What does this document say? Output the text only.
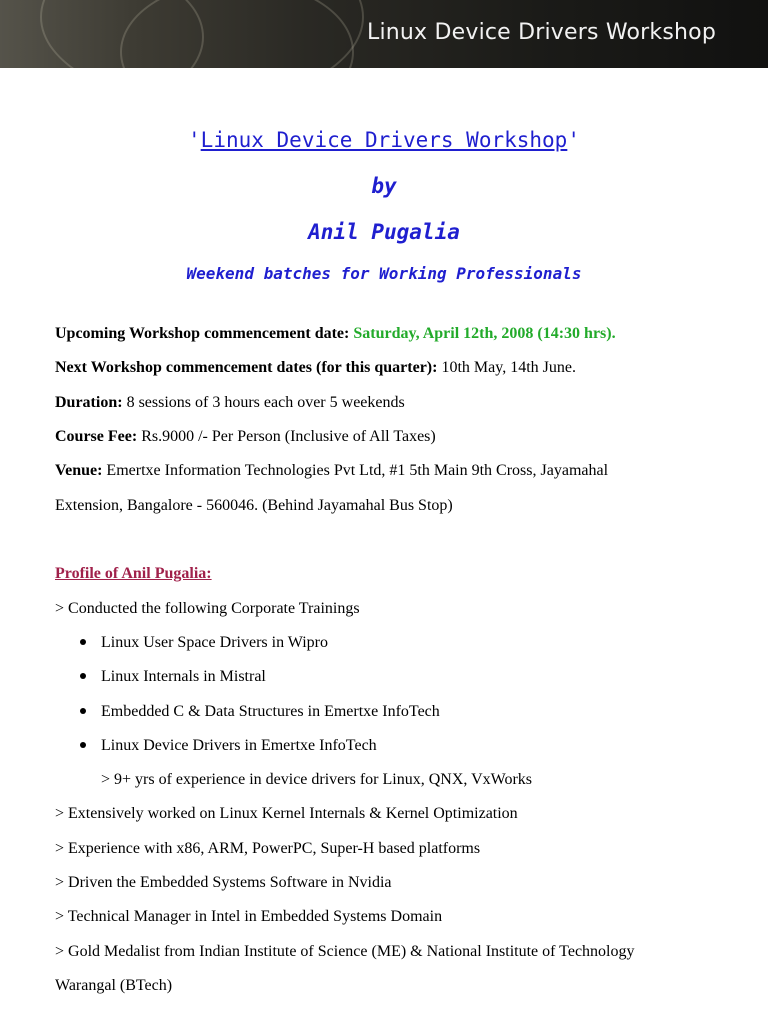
Linux Device Drivers Workshop
'Linux Device Drivers Workshop'
by
Anil Pugalia
Weekend batches for Working Professionals
Upcoming Workshop commencement date: Saturday, April 12th, 2008 (14:30 hrs).
Next Workshop commencement dates (for this quarter): 10th May, 14th June.
Duration: 8 sessions of 3 hours each over 5 weekends
Course Fee: Rs.9000 /- Per Person (Inclusive of All Taxes)
Venue: Emertxe Information Technologies Pvt Ltd, #1 5th Main 9th Cross, Jayamahal
Extension, Bangalore - 560046. (Behind Jayamahal Bus Stop)
Profile of Anil Pugalia:
> Conducted the following Corporate Trainings
Linux User Space Drivers in Wipro
Linux Internals in Mistral
Embedded C & Data Structures in Emertxe InfoTech
Linux Device Drivers in Emertxe InfoTech
> 9+ yrs of experience in device drivers for Linux, QNX, VxWorks
> Extensively worked on Linux Kernel Internals & Kernel Optimization
> Experience with x86, ARM, PowerPC, Super-H based platforms
> Driven the Embedded Systems Software in Nvidia
> Technical Manager in Intel in Embedded Systems Domain
> Gold Medalist from Indian Institute of Science (ME) & National Institute of Technology
Warangal (BTech)
